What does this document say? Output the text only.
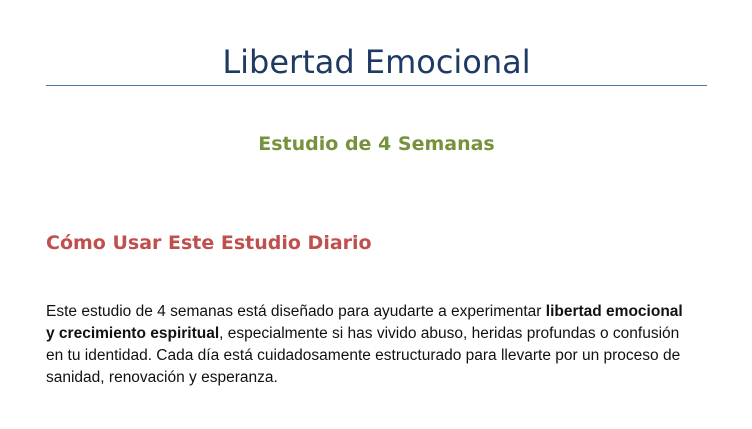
Libertad Emocional
Estudio de 4 Semanas
Cómo Usar Este Estudio Diario

Este estudio de 4 semanas está diseñado para ayudarte a experimentar libertad emocional y crecimiento espiritual, especialmente si has vivido abuso, heridas profundas o confusión en tu identidad. Cada día está cuidadosamente estructurado para llevarte por un proceso de sanidad, renovación y esperanza.
